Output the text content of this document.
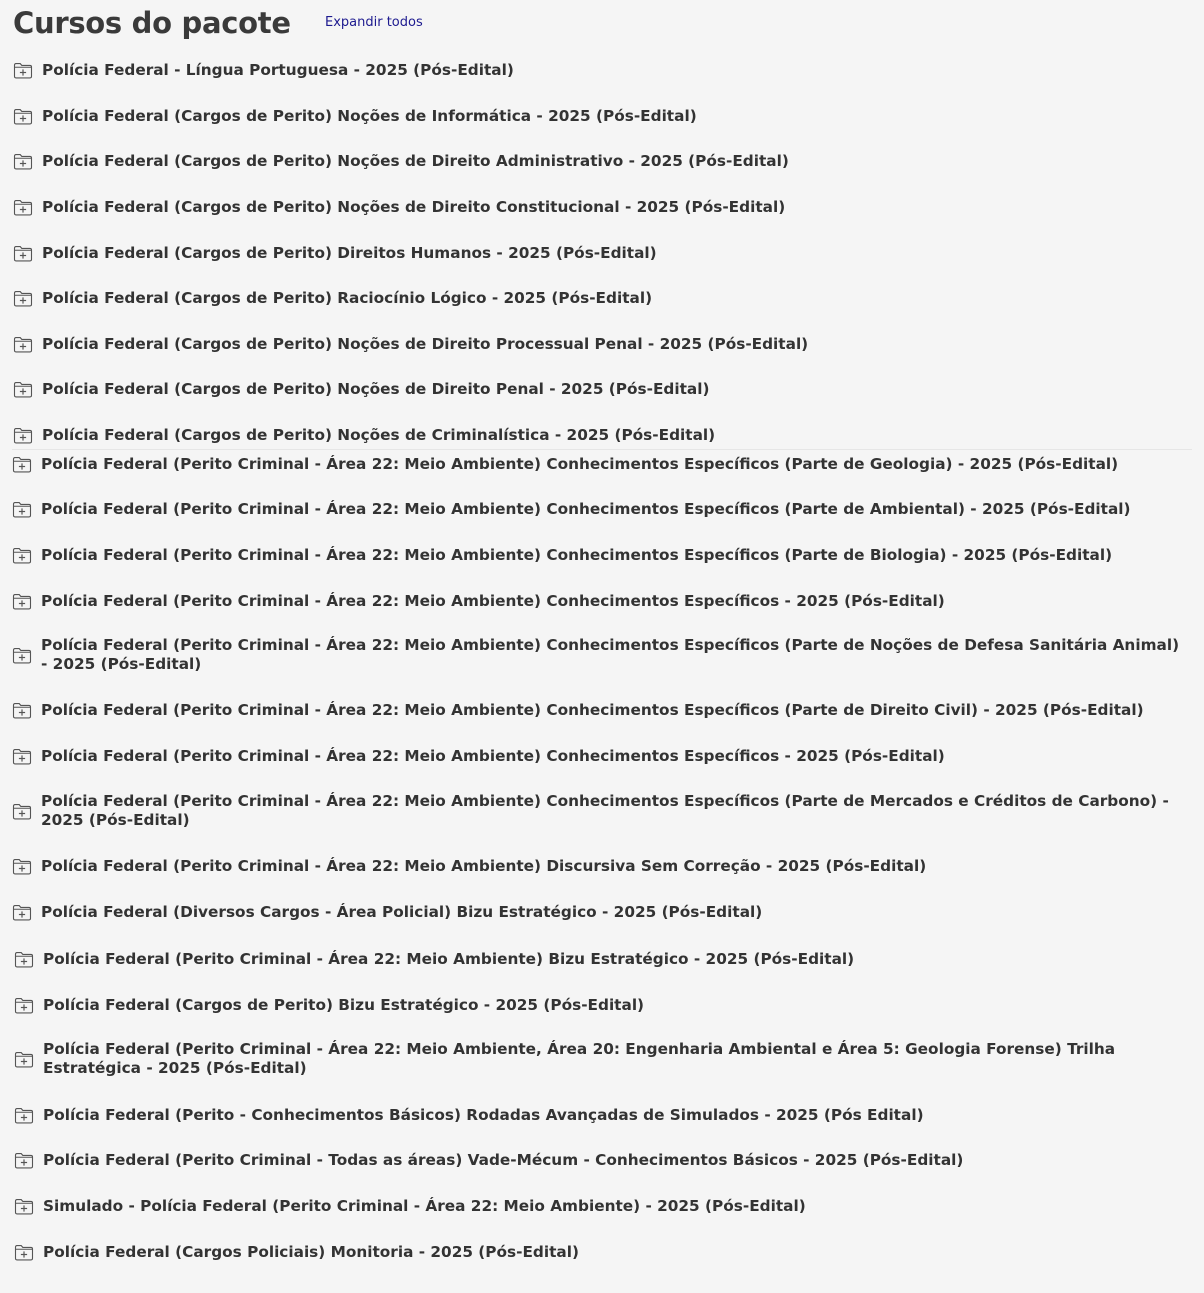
Cursos do pacote	Expandir todos
Polícia Federal - Língua Portuguesa - 2025 (Pós-Edital)
Polícia Federal (Cargos de Perito) Noções de Informática - 2025 (Pós-Edital)
Polícia Federal (Cargos de Perito) Noções de Direito Administrativo - 2025 (Pós-Edital)
Polícia Federal (Cargos de Perito) Noções de Direito Constitucional - 2025 (Pós-Edital)
Polícia Federal (Cargos de Perito) Direitos Humanos - 2025 (Pós-Edital)
Polícia Federal (Cargos de Perito) Raciocínio Lógico - 2025 (Pós-Edital)
Polícia Federal (Cargos de Perito) Noções de Direito Processual Penal - 2025 (Pós-Edital)
Polícia Federal (Cargos de Perito) Noções de Direito Penal - 2025 (Pós-Edital)
Polícia Federal (Cargos de Perito) Noções de Criminalística - 2025 (Pós-Edital)
Polícia Federal (Perito Criminal - Área 22: Meio Ambiente) Conhecimentos Específicos (Parte de Geologia) - 2025 (Pós-Edital)
Polícia Federal (Perito Criminal - Área 22: Meio Ambiente) Conhecimentos Específicos (Parte de Ambiental) - 2025 (Pós-Edital)
Polícia Federal (Perito Criminal - Área 22: Meio Ambiente) Conhecimentos Específicos (Parte de Biologia) - 2025 (Pós-Edital)
Polícia Federal (Perito Criminal - Área 22: Meio Ambiente) Conhecimentos Específicos - 2025 (Pós-Edital)
Polícia Federal (Perito Criminal - Área 22: Meio Ambiente) Conhecimentos Específicos (Parte de Noções de Defesa Sanitária Animal) - 2025 (Pós-Edital)
Polícia Federal (Perito Criminal - Área 22: Meio Ambiente) Conhecimentos Específicos (Parte de Direito Civil) - 2025 (Pós-Edital)
Polícia Federal (Perito Criminal - Área 22: Meio Ambiente) Conhecimentos Específicos - 2025 (Pós-Edital)
Polícia Federal (Perito Criminal - Área 22: Meio Ambiente) Conhecimentos Específicos (Parte de Mercados e Créditos de Carbono) - 2025 (Pós-Edital)
Polícia Federal (Perito Criminal - Área 22: Meio Ambiente) Discursiva Sem Correção - 2025 (Pós-Edital)
Polícia Federal (Diversos Cargos - Área Policial) Bizu Estratégico - 2025 (Pós-Edital)
Polícia Federal (Perito Criminal - Área 22: Meio Ambiente) Bizu Estratégico - 2025 (Pós-Edital)
Polícia Federal (Cargos de Perito) Bizu Estratégico - 2025 (Pós-Edital)
Polícia Federal (Perito Criminal - Área 22: Meio Ambiente, Área 20: Engenharia Ambiental e Área 5: Geologia Forense) Trilha Estratégica - 2025 (Pós-Edital)
Polícia Federal (Perito - Conhecimentos Básicos) Rodadas Avançadas de Simulados - 2025 (Pós Edital)
Polícia Federal (Perito Criminal - Todas as áreas) Vade-Mécum - Conhecimentos Básicos - 2025 (Pós-Edital)
Simulado - Polícia Federal (Perito Criminal - Área 22: Meio Ambiente) - 2025 (Pós-Edital)
Polícia Federal (Cargos Policiais) Monitoria - 2025 (Pós-Edital)
